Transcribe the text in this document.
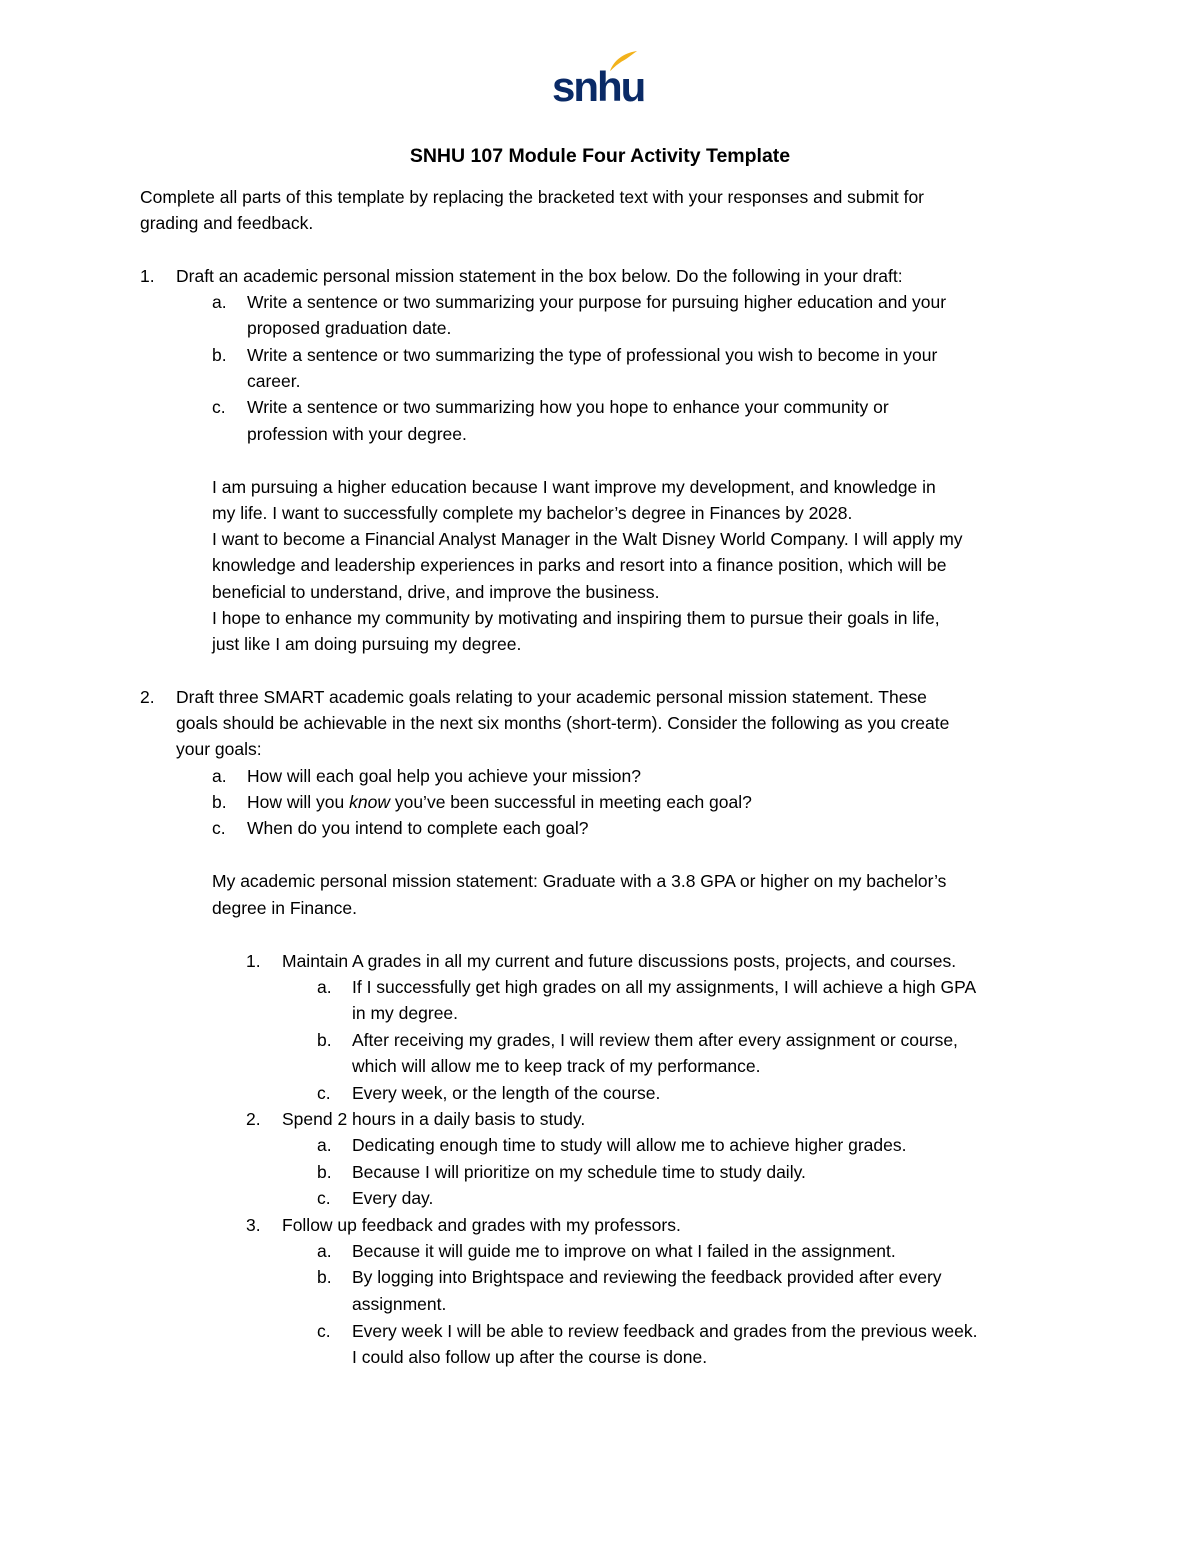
snhu
SNHU 107 Module Four Activity Template
Complete all parts of this template by replacing the bracketed text with your responses and submit for
grading and feedback.
1. Draft an academic personal mission statement in the box below. Do the following in your draft:
a. Write a sentence or two summarizing your purpose for pursuing higher education and your
proposed graduation date.
b. Write a sentence or two summarizing the type of professional you wish to become in your
career.
c. Write a sentence or two summarizing how you hope to enhance your community or
profession with your degree.
I am pursuing a higher education because I want improve my development, and knowledge in
my life. I want to successfully complete my bachelor’s degree in Finances by 2028.
I want to become a Financial Analyst Manager in the Walt Disney World Company. I will apply my
knowledge and leadership experiences in parks and resort into a finance position, which will be
beneficial to understand, drive, and improve the business.
I hope to enhance my community by motivating and inspiring them to pursue their goals in life,
just like I am doing pursuing my degree.
2. Draft three SMART academic goals relating to your academic personal mission statement. These
goals should be achievable in the next six months (short-term). Consider the following as you create
your goals:
a. How will each goal help you achieve your mission?
b. How will you know you’ve been successful in meeting each goal?
c. When do you intend to complete each goal?
My academic personal mission statement: Graduate with a 3.8 GPA or higher on my bachelor’s
degree in Finance.
1. Maintain A grades in all my current and future discussions posts, projects, and courses.
a. If I successfully get high grades on all my assignments, I will achieve a high GPA
in my degree.
b. After receiving my grades, I will review them after every assignment or course,
which will allow me to keep track of my performance.
c. Every week, or the length of the course.
2. Spend 2 hours in a daily basis to study.
a. Dedicating enough time to study will allow me to achieve higher grades.
b. Because I will prioritize on my schedule time to study daily.
c. Every day.
3. Follow up feedback and grades with my professors.
a. Because it will guide me to improve on what I failed in the assignment.
b. By logging into Brightspace and reviewing the feedback provided after every
assignment.
c. Every week I will be able to review feedback and grades from the previous week.
I could also follow up after the course is done.
